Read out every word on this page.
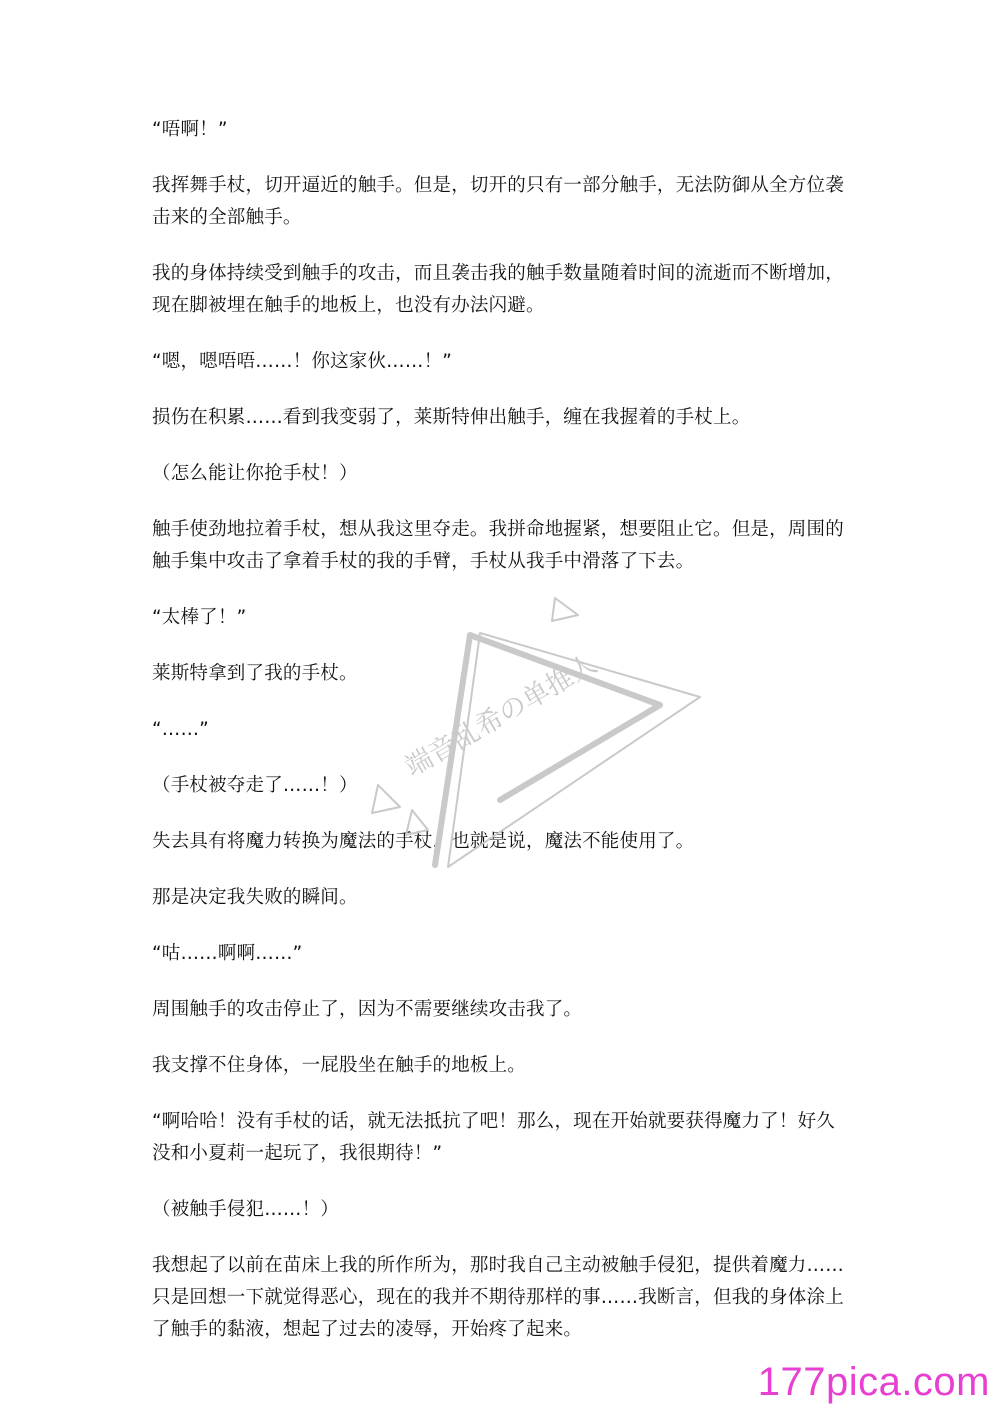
“唔啊！”

我挥舞手杖，切开逼近的触手。但是，切开的只有一部分触手，无法防御从全方位袭击来的全部触手。

我的身体持续受到触手的攻击，而且袭击我的触手数量随着时间的流逝而不断增加，现在脚被埋在触手的地板上，也没有办法闪避。

“嗯，嗯唔唔……！你这家伙……！”

损伤在积累……看到我变弱了，莱斯特伸出触手，缠在我握着的手杖上。

（怎么能让你抢手杖！）

触手使劲地拉着手杖，想从我这里夺走。我拼命地握紧，想要阻止它。但是，周围的触手集中攻击了拿着手杖的我的手臂，手杖从我手中滑落了下去。

“太棒了！”

莱斯特拿到了我的手杖。

“……”

（手杖被夺走了……！）

失去具有将魔力转换为魔法的手杖，也就是说，魔法不能使用了。

那是决定我失败的瞬间。

“咕……啊啊……”

周围触手的攻击停止了，因为不需要继续攻击我了。

我支撑不住身体，一屁股坐在触手的地板上。

“啊哈哈！没有手杖的话，就无法抵抗了吧！那么，现在开始就要获得魔力了！好久没和小夏莉一起玩了，我很期待！”

（被触手侵犯……！）

我想起了以前在苗床上我的所作所为，那时我自己主动被触手侵犯，提供着魔力……只是回想一下就觉得恶心，现在的我并不期待那样的事……我断言，但我的身体涂上了触手的黏液，想起了过去的凌辱，开始疼了起来。

端音乱希の单推人
177pica.com
